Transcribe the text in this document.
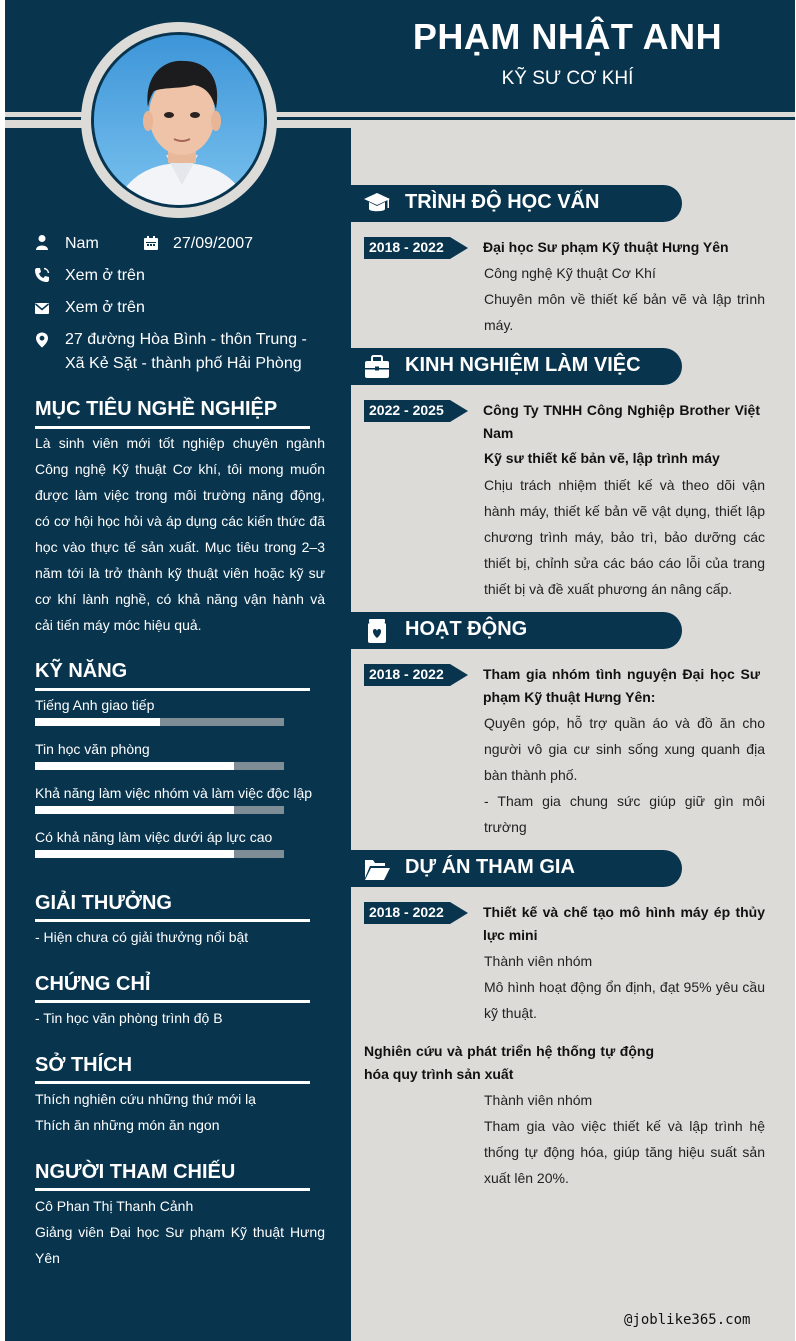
PHẠM NHẬT ANH
KỸ SƯ CƠ KHÍ
Nam	27/09/2007
Xem ở trên
Xem ở trên
27 đường Hòa Bình - thôn Trung - Xã Kẻ Sặt - thành phố Hải Phòng
MỤC TIÊU NGHỀ NGHIỆP
Là sinh viên mới tốt nghiệp chuyên ngành Công nghệ Kỹ thuật Cơ khí, tôi mong muốn được làm việc trong môi trường năng động, có cơ hội học hỏi và áp dụng các kiến thức đã học vào thực tế sản xuất. Mục tiêu trong 2–3 năm tới là trở thành kỹ thuật viên hoặc kỹ sư cơ khí lành nghề, có khả năng vận hành và cải tiến máy móc hiệu quả.
KỸ NĂNG
Tiếng Anh giao tiếp
Tin học văn phòng
Khả năng làm việc nhóm và làm việc độc lập
Có khả năng làm việc dưới áp lực cao
GIẢI THƯỞNG
- Hiện chưa có giải thưởng nổi bật
CHỨNG CHỈ
- Tin học văn phòng trình độ B
SỞ THÍCH
Thích nghiên cứu những thứ mới lạ
Thích ăn những món ăn ngon
NGƯỜI THAM CHIẾU
Cô Phan Thị Thanh Cảnh
Giảng viên Đại học Sư phạm Kỹ thuật Hưng Yên
TRÌNH ĐỘ HỌC VẤN
2018 - 2022	Đại học Sư phạm Kỹ thuật Hưng Yên
Công nghệ Kỹ thuật Cơ Khí
Chuyên môn về thiết kế bản vẽ và lập trình máy.
KINH NGHIỆM LÀM VIỆC
2022 - 2025	Công Ty TNHH Công Nghiệp Brother Việt Nam
Kỹ sư thiết kế bản vẽ, lập trình máy
Chịu trách nhiệm thiết kế và theo dõi vận hành máy, thiết kế bản vẽ vật dụng, thiết lập chương trình máy, bảo trì, bảo dưỡng các thiết bị, chỉnh sửa các báo cáo lỗi của trang thiết bị và đề xuất phương án nâng cấp.
HOẠT ĐỘNG
2018 - 2022	Tham gia nhóm tình nguyện Đại học Sư phạm Kỹ thuật Hưng Yên:
Quyên góp, hỗ trợ quần áo và đồ ăn cho người vô gia cư sinh sống xung quanh địa bàn thành phố.
- Tham gia chung sức giúp giữ gìn môi trường
DỰ ÁN THAM GIA
2018 - 2022	Thiết kế và chế tạo mô hình máy ép thủy lực mini
Thành viên nhóm
Mô hình hoạt động ổn định, đạt 95% yêu cầu kỹ thuật.
Nghiên cứu và phát triển hệ thống tự động hóa quy trình sản xuất
Thành viên nhóm
Tham gia vào việc thiết kế và lập trình hệ thống tự động hóa, giúp tăng hiệu suất sản xuất lên 20%.
@joblike365.com
